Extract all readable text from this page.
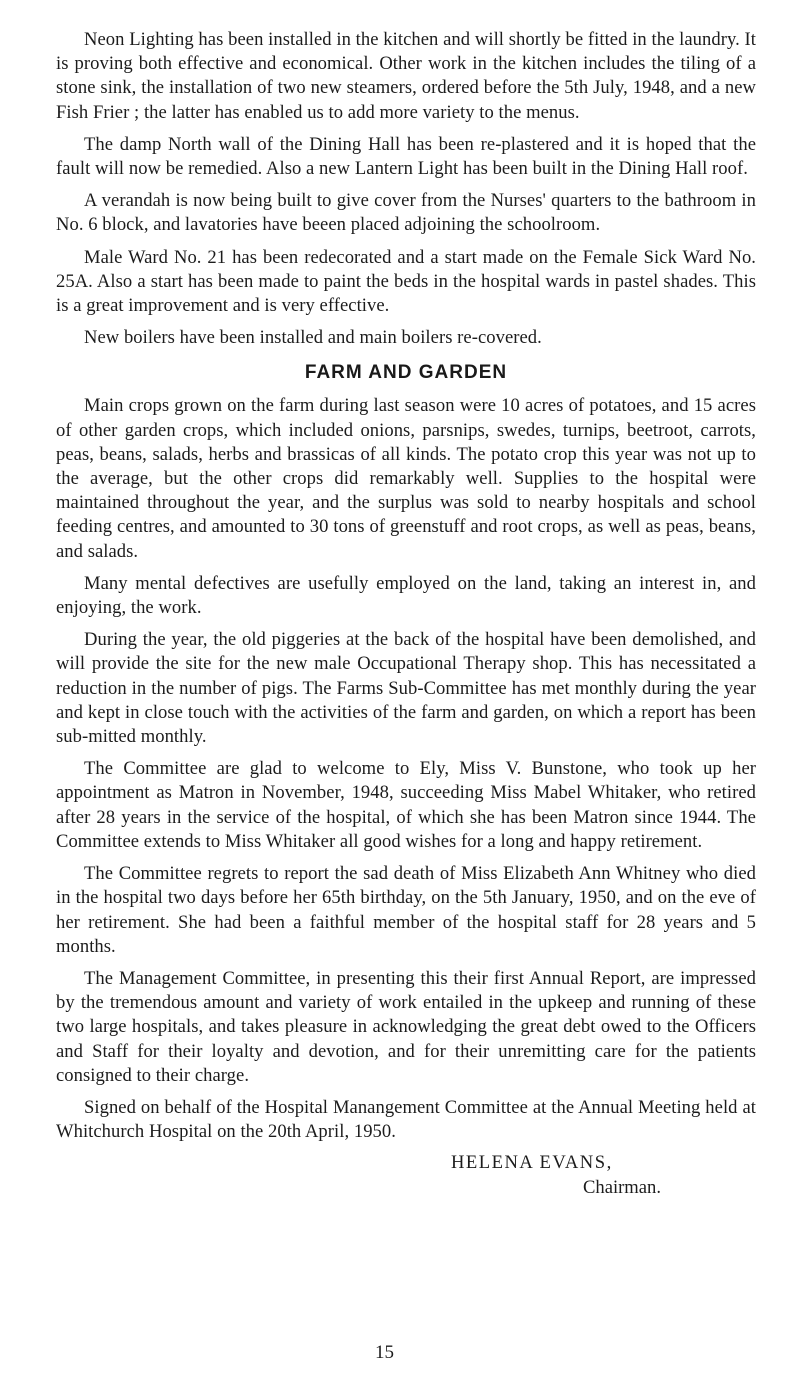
Neon Lighting has been installed in the kitchen and will shortly be fitted in the laundry. It is proving both effective and economical. Other work in the kitchen includes the tiling of a stone sink, the installation of two new steamers, ordered before the 5th July, 1948, and a new Fish Frier ; the latter has enabled us to add more variety to the menus.

The damp North wall of the Dining Hall has been re-plastered and it is hoped that the fault will now be remedied. Also a new Lantern Light has been built in the Dining Hall roof.

A verandah is now being built to give cover from the Nurses' quarters to the bathroom in No. 6 block, and lavatories have beeen placed adjoining the schoolroom.

Male Ward No. 21 has been redecorated and a start made on the Female Sick Ward No. 25A. Also a start has been made to paint the beds in the hospital wards in pastel shades. This is a great improvement and is very effective.

New boilers have been installed and main boilers re-covered.

FARM AND GARDEN

Main crops grown on the farm during last season were 10 acres of potatoes, and 15 acres of other garden crops, which included onions, parsnips, swedes, turnips, beetroot, carrots, peas, beans, salads, herbs and brassicas of all kinds. The potato crop this year was not up to the average, but the other crops did remarkably well. Supplies to the hospital were maintained throughout the year, and the surplus was sold to nearby hospitals and school feeding centres, and amounted to 30 tons of greenstuff and root crops, as well as peas, beans, and salads.

Many mental defectives are usefully employed on the land, taking an interest in, and enjoying, the work.

During the year, the old piggeries at the back of the hospital have been demolished, and will provide the site for the new male Occupational Therapy shop. This has necessitated a reduction in the number of pigs. The Farms Sub-Committee has met monthly during the year and kept in close touch with the activities of the farm and garden, on which a report has been sub-mitted monthly.

The Committee are glad to welcome to Ely, Miss V. Bunstone, who took up her appointment as Matron in November, 1948, succeeding Miss Mabel Whitaker, who retired after 28 years in the service of the hospital, of which she has been Matron since 1944. The Committee extends to Miss Whitaker all good wishes for a long and happy retirement.

The Committee regrets to report the sad death of Miss Elizabeth Ann Whitney who died in the hospital two days before her 65th birthday, on the 5th January, 1950, and on the eve of her retirement. She had been a faithful member of the hospital staff for 28 years and 5 months.

The Management Committee, in presenting this their first Annual Report, are impressed by the tremendous amount and variety of work entailed in the upkeep and running of these two large hospitals, and takes pleasure in acknowledging the great debt owed to the Officers and Staff for their loyalty and devotion, and for their unremitting care for the patients consigned to their charge.

Signed on behalf of the Hospital Manangement Committee at the Annual Meeting held at Whitchurch Hospital on the 20th April, 1950.

HELENA EVANS,
Chairman.
15
